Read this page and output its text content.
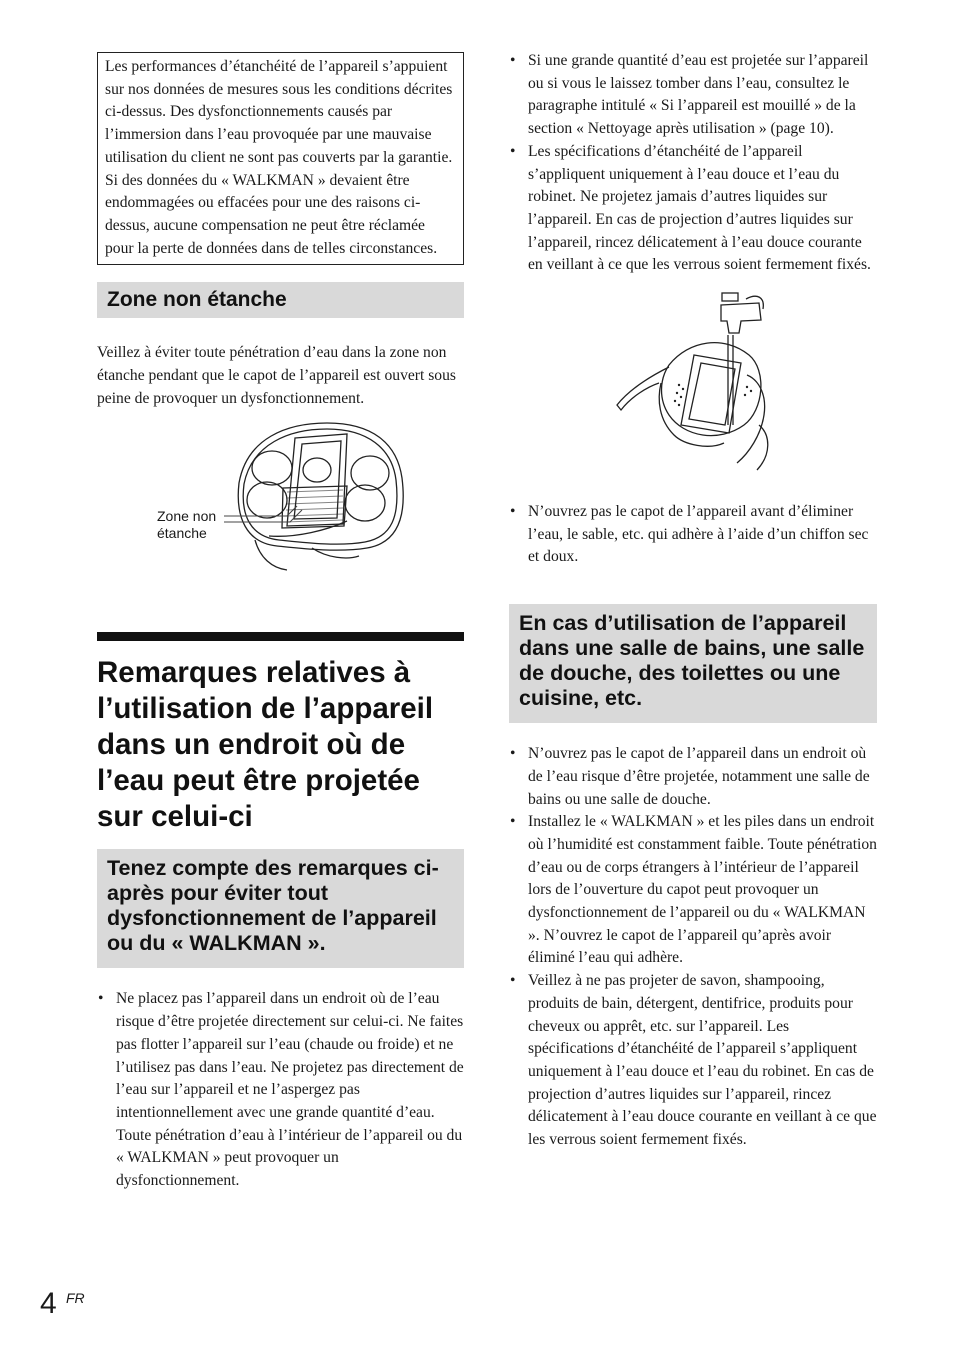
Les performances d’étanchéité de l’appareil s’appuient sur nos données de mesures sous les conditions décrites ci-dessus. Des dysfonctionnements causés par l’immersion dans l’eau provoquée par une mauvaise utilisation du client ne sont pas couverts par la garantie.

Si des données du « WALKMAN » devaient être endommagées ou effacées pour une des raisons ci-dessus, aucune compensation ne peut être réclamée pour la perte de données dans de telles circonstances.

Zone non étanche

Veillez à éviter toute pénétration d’eau dans la zone non étanche pendant que le capot de l’appareil est ouvert sous peine de provoquer un dysfonctionnement.

Zone non
étanche
Remarques relatives à l’utilisation de l’appareil dans un endroit où de l’eau peut être projetée sur celui-ci
Tenez compte des remarques ci-après pour éviter tout dysfonctionnement de l’appareil ou du « WALKMAN ».
• Ne placez pas l’appareil dans un endroit où de l’eau risque d’être projetée directement sur celui-ci. Ne faites pas flotter l’appareil sur l’eau (chaude ou froide) et ne l’utilisez pas dans l’eau. Ne projetez pas directement de l’eau sur l’appareil et ne l’aspergez pas intentionnellement avec une grande quantité d’eau. Toute pénétration d’eau à l’intérieur de l’appareil ou du « WALKMAN » peut provoquer un dysfonctionnement.
• Si une grande quantité d’eau est projetée sur l’appareil ou si vous le laissez tomber dans l’eau, consultez le paragraphe intitulé « Si l’appareil est mouillé » de la section « Nettoyage après utilisation » (page 10).
• Les spécifications d’étanchéité de l’appareil s’appliquent uniquement à l’eau douce et l’eau du robinet. Ne projetez jamais d’autres liquides sur l’appareil. En cas de projection d’autres liquides sur l’appareil, rincez délicatement à l’eau douce courante en veillant à ce que les verrous soient fermement fixés.
• N’ouvrez pas le capot de l’appareil avant d’éliminer l’eau, le sable, etc. qui adhère à l’aide d’un chiffon sec et doux.
En cas d’utilisation de l’appareil dans une salle de bains, une salle de douche, des toilettes ou une cuisine, etc.
• N’ouvrez pas le capot de l’appareil dans un endroit où de l’eau risque d’être projetée, notamment une salle de bains ou une salle de douche.
• Installez le « WALKMAN » et les piles dans un endroit où l’humidité est constamment faible. Toute pénétration d’eau ou de corps étrangers à l’intérieur de l’appareil lors de l’ouverture du capot peut provoquer un dysfonctionnement de l’appareil ou du « WALKMAN ». N’ouvrez le capot de l’appareil qu’après avoir éliminé l’eau qui adhère.
• Veillez à ne pas projeter de savon, shampooing, produits de bain, détergent, dentifrice, produits pour cheveux ou apprêt, etc. sur l’appareil. Les spécifications d’étanchéité de l’appareil s’appliquent uniquement à l’eau douce et l’eau du robinet. En cas de projection d’autres liquides sur l’appareil, rincez délicatement à l’eau douce courante en veillant à ce que les verrous soient fermement fixés.
4 FR
